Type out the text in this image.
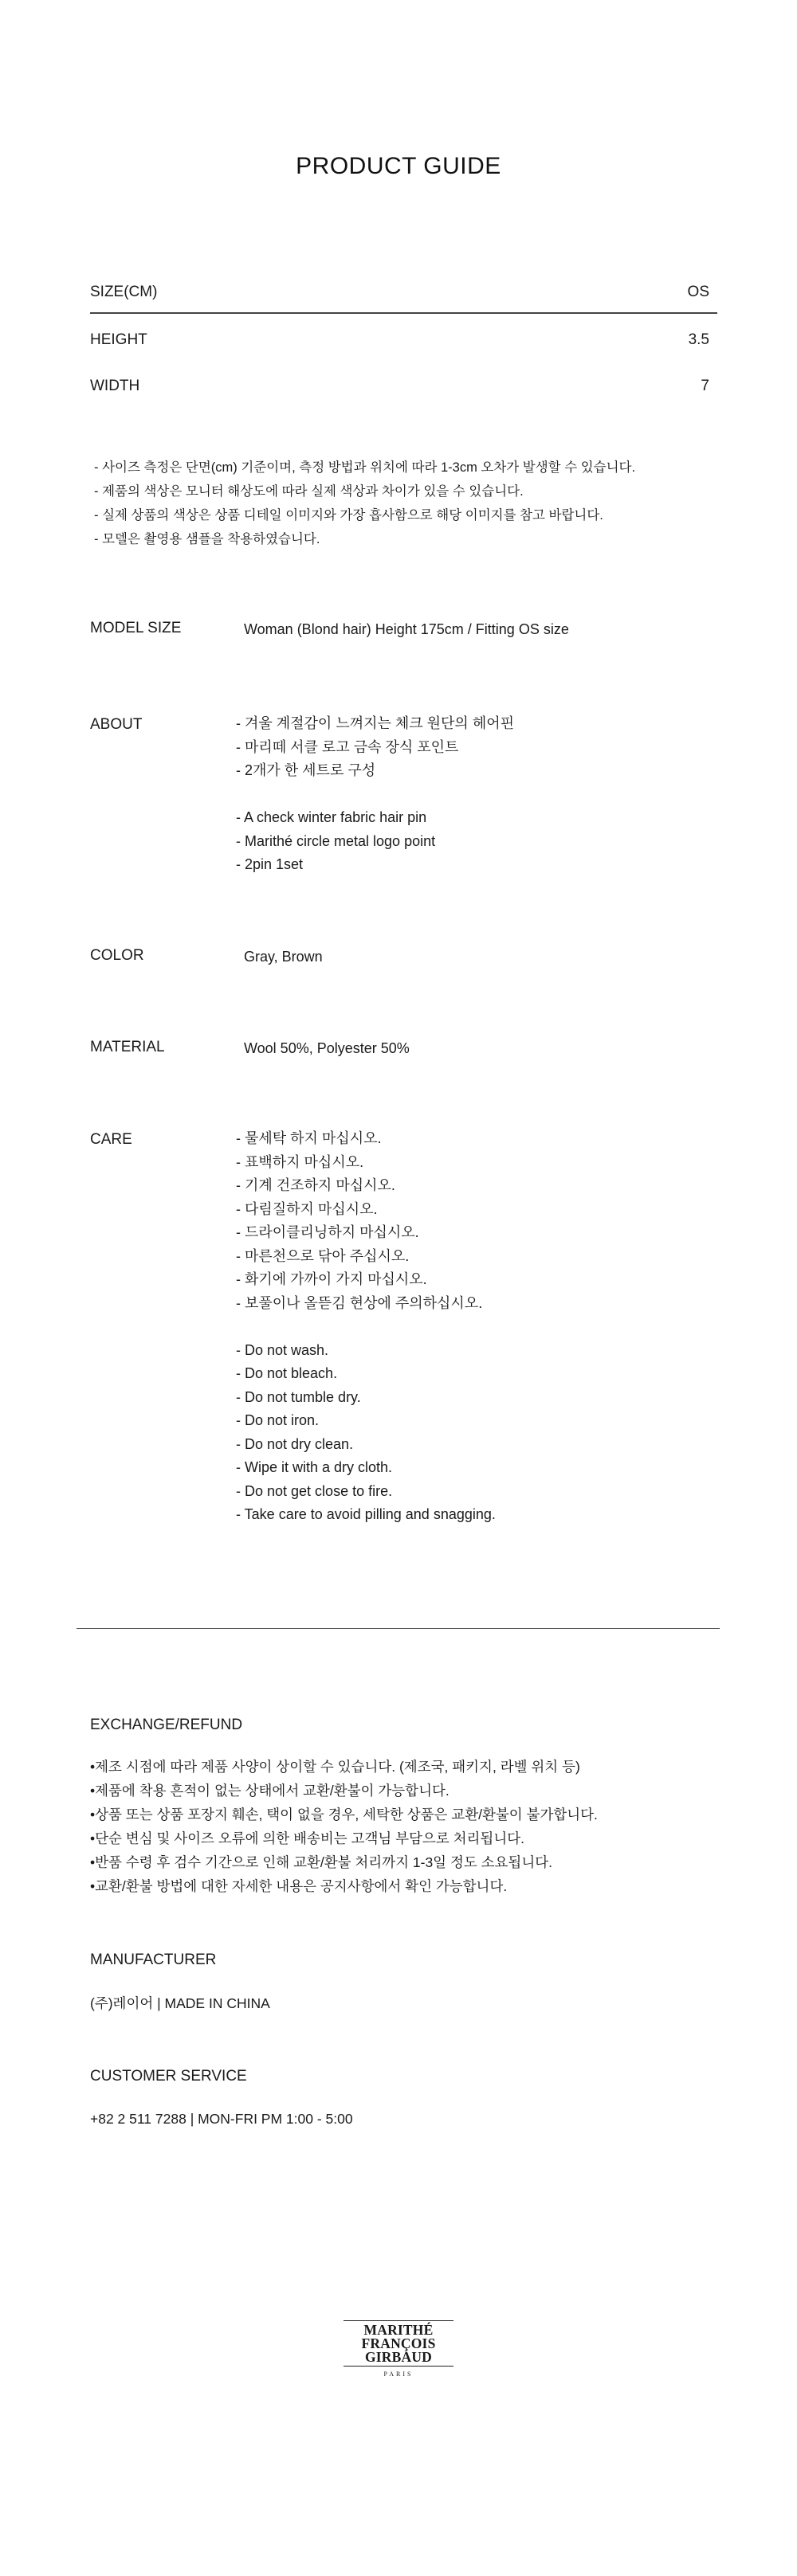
PRODUCT GUIDE
SIZE(CM)	OS
HEIGHT	3.5
WIDTH	7
- 사이즈 측정은 단면(cm) 기준이며, 측정 방법과 위치에 따라 1-3cm 오차가 발생할 수 있습니다.
- 제품의 색상은 모니터 해상도에 따라 실제 색상과 차이가 있을 수 있습니다.
- 실제 상품의 색상은 상품 디테일 이미지와 가장 흡사함으로 해당 이미지를 참고 바랍니다.
- 모델은 촬영용 샘플을 착용하였습니다.
MODEL SIZE	Woman (Blond hair) Height 175cm / Fitting OS size
ABOUT	- 겨울 계절감이 느껴지는 체크 원단의 헤어핀
- 마리떼 서클 로고 금속 장식 포인트
- 2개가 한 세트로 구성
- A check winter fabric hair pin
- Marithé circle metal logo point
- 2pin 1set
COLOR	Gray, Brown
MATERIAL	Wool 50%, Polyester 50%
CARE	- 물세탁 하지 마십시오.
- 표백하지 마십시오.
- 기계 건조하지 마십시오.
- 다림질하지 마십시오.
- 드라이클리닝하지 마십시오.
- 마른천으로 닦아 주십시오.
- 화기에 가까이 가지 마십시오.
- 보풀이나 올뜯김 현상에 주의하십시오.
- Do not wash.
- Do not bleach.
- Do not tumble dry.
- Do not iron.
- Do not dry clean.
- Wipe it with a dry cloth.
- Do not get close to fire.
- Take care to avoid pilling and snagging.
EXCHANGE/REFUND
•제조 시점에 따라 제품 사양이 상이할 수 있습니다. (제조국, 패키지, 라벨 위치 등)
•제품에 착용 흔적이 없는 상태에서 교환/환불이 가능합니다.
•상품 또는 상품 포장지 훼손, 택이 없을 경우, 세탁한 상품은 교환/환불이 불가합니다.
•단순 변심 및 사이즈 오류에 의한 배송비는 고객님 부담으로 처리됩니다.
•반품 수령 후 검수 기간으로 인해 교환/환불 처리까지 1-3일 정도 소요됩니다.
•교환/환불 방법에 대한 자세한 내용은 공지사항에서 확인 가능합니다.
MANUFACTURER
(주)레이어 | MADE IN CHINA
CUSTOMER SERVICE
+82 2 511 7288 | MON-FRI PM 1:00 - 5:00
MARITHÉ
FRANÇOIS
GIRBAUD
PARIS
